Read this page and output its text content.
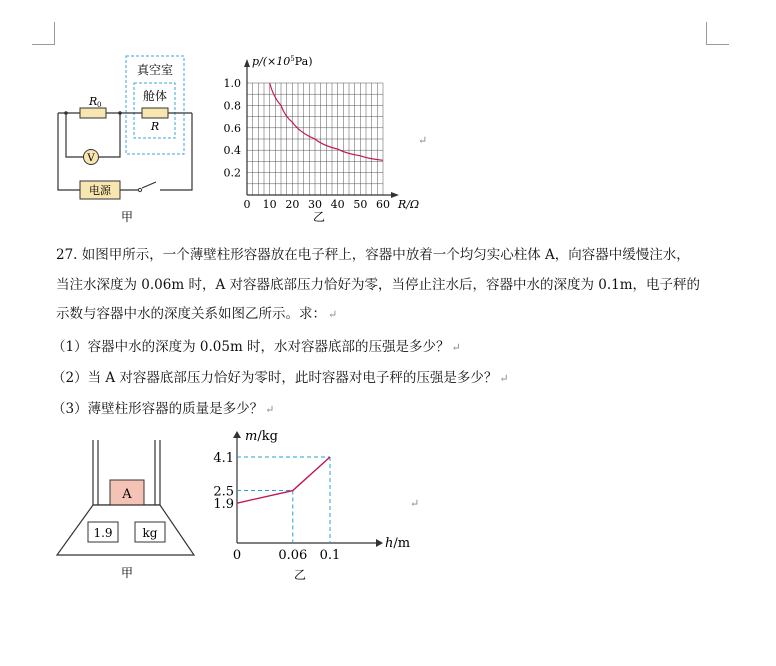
真空室
舱体
R 0
R
V
电源
甲
1.0
0.8
0.6
0.4
0.2
0 10 20 30 40 50 60
$p/(\times 10^5Pa)$
R/Ω
乙
↵
27. 如图甲所示，一个薄壁柱形容器放在电子秤上，容器中放着一个均匀实心柱体 A，向容器中缓慢注水，
当注水深度为 0.06m 时，A 对容器底部压力恰好为零，当停止注水后，容器中水的深度为 0.1m，电子秤的
示数与容器中水的深度关系如图乙所示。求： ↵
（1）容器中水的深度为 0.05m 时，水对容器底部的压强是多少？ ↵
（2）当 A 对容器底部压力恰好为零时，此时容器对电子秤的压强是多少？ ↵
（3）薄壁柱形容器的质量是多少？ ↵
A
1.9 kg
甲
4.1
2.5
1.9
0	0.06 0.1
m/kg
h/m
乙
↵
